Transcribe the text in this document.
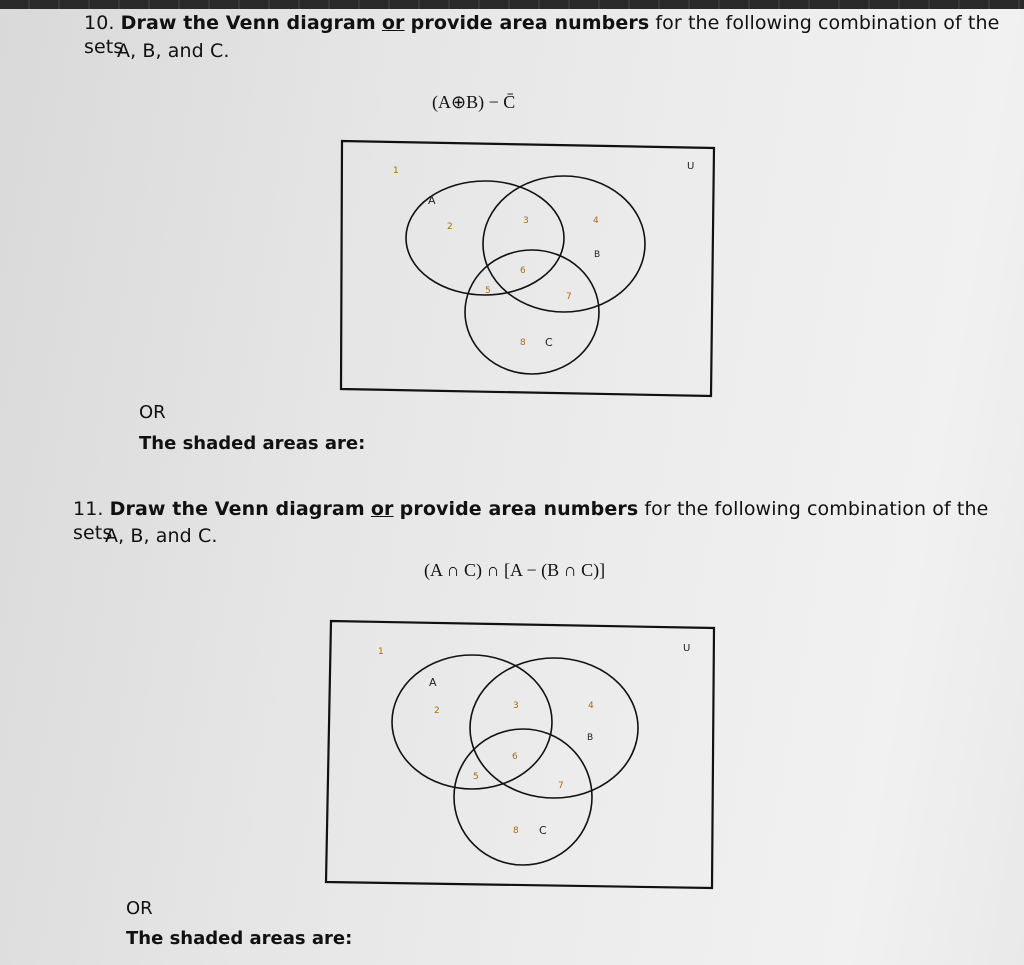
10. Draw the Venn diagram or provide area numbers for the following combination of the sets
A, B, and C.
(A⊕B) − C̄
1
2
3	4
5
6
7
8
A
B
C
U
1
2	3	4
5
6
7
8
A
B
C
U
OR
The shaded areas are:
11. Draw the Venn diagram or provide area numbers for the following combination of the sets
A, B, and C.
(A ∩ C) ∩ [A − (B ∩ C)]
OR
The shaded areas are:
